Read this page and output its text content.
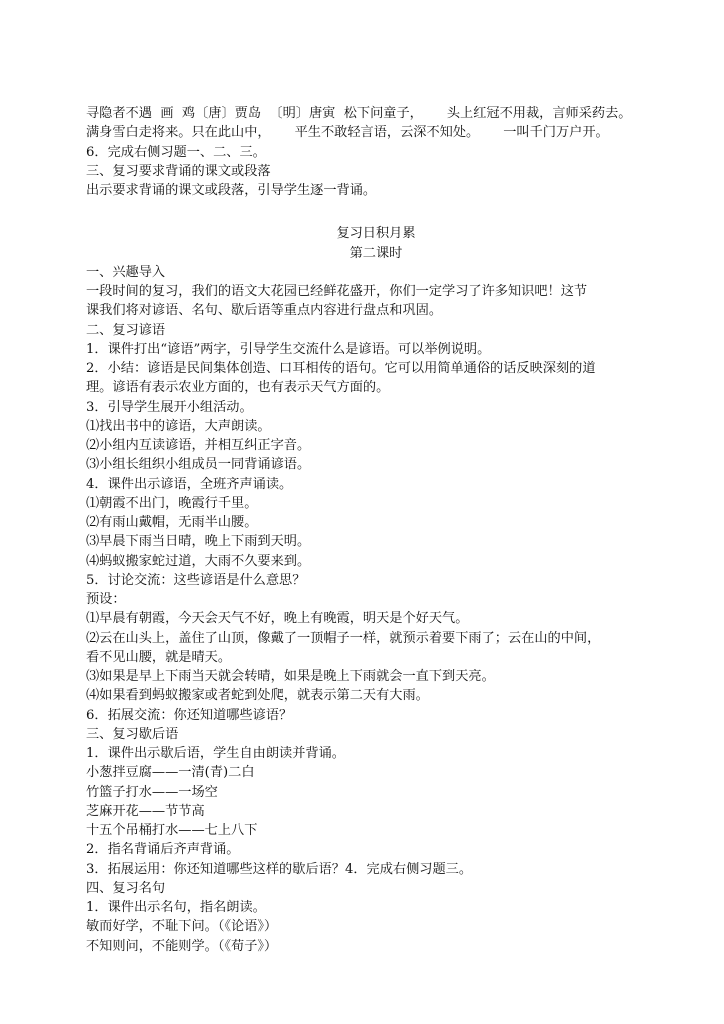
寻隐者不遇 画 鸡〔唐〕贾岛 〔明〕唐寅 松下问童子， 头上红冠不用裁，言师采药去。
满身雪白走将来。只在此山中， 平生不敢轻言语，云深不知处。 一叫千门万户开。
6．完成右侧习题一、二、三。
三、复习要求背诵的课文或段落
出示要求背诵的课文或段落，引导学生逐一背诵。
复习日积月累
第二课时
一、兴趣导入
一段时间的复习，我们的语文大花园已经鲜花盛开，你们一定学习了许多知识吧！这节
课我们将对谚语、名句、歇后语等重点内容进行盘点和巩固。
二、复习谚语
1．课件打出“谚语”两字，引导学生交流什么是谚语。可以举例说明。
2．小结：谚语是民间集体创造、口耳相传的语句。它可以用简单通俗的话反映深刻的道
理。谚语有表示农业方面的，也有表示天气方面的。
3．引导学生展开小组活动。
⑴找出书中的谚语，大声朗读。
⑵小组内互读谚语，并相互纠正字音。
⑶小组长组织小组成员一同背诵谚语。
4．课件出示谚语，全班齐声诵读。
⑴朝霞不出门，晚霞行千里。
⑵有雨山戴帽，无雨半山腰。
⑶早晨下雨当日晴，晚上下雨到天明。
⑷蚂蚁搬家蛇过道，大雨不久要来到。
5．讨论交流：这些谚语是什么意思？
预设：
⑴早晨有朝霞，今天会天气不好，晚上有晚霞，明天是个好天气。
⑵云在山头上，盖住了山顶，像戴了一顶帽子一样，就预示着要下雨了；云在山的中间，
看不见山腰，就是晴天。
⑶如果是早上下雨当天就会转晴，如果是晚上下雨就会一直下到天亮。
⑷如果看到蚂蚁搬家或者蛇到处爬，就表示第二天有大雨。
6．拓展交流：你还知道哪些谚语？
三、复习歇后语
1．课件出示歇后语，学生自由朗读并背诵。
小葱拌豆腐——一清(青)二白
竹篮子打水——一场空
芝麻开花——节节高
十五个吊桶打水——七上八下
2．指名背诵后齐声背诵。
3．拓展运用：你还知道哪些这样的歇后语？4．完成右侧习题三。
四、复习名句
1．课件出示名句，指名朗读。
敏而好学，不耻下问。（《论语》）
不知则问，不能则学。（《荀子》）
